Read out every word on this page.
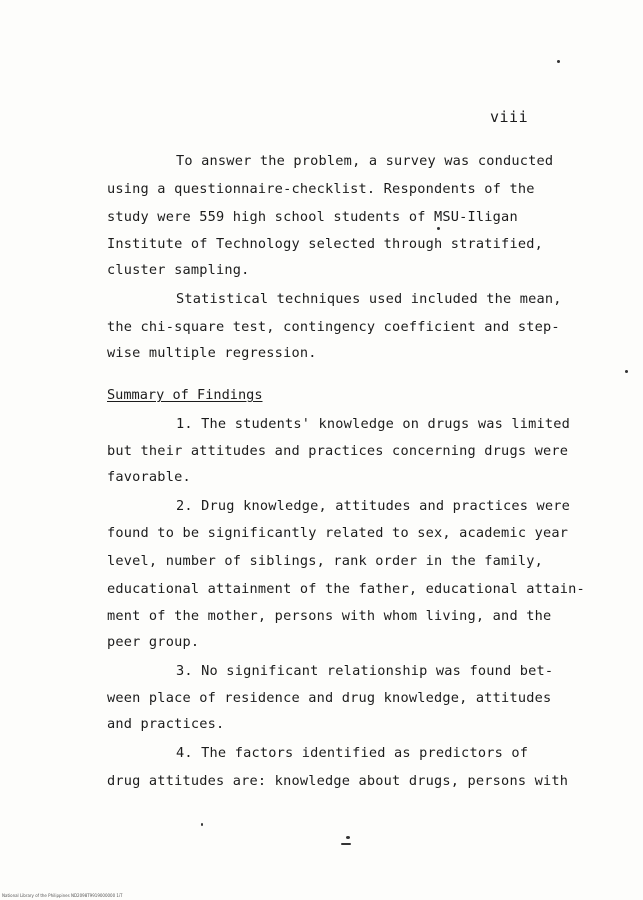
viii
To answer the problem, a survey was conducted
using a questionnaire-checklist. Respondents of the
study were 559 high school students of MSU-Iligan
Institute of Technology selected through stratified,
cluster sampling.
Statistical techniques used included the mean,
the chi-square test, contingency coefficient and step-
wise multiple regression.
Summary of Findings
1. The students' knowledge on drugs was limited
but their attitudes and practices concerning drugs were
favorable.
2. Drug knowledge, attitudes and practices were
found to be significantly related to sex, academic year
level, number of siblings, rank order in the family,
educational attainment of the father, educational attain-
ment of the mother, persons with whom living, and the
peer group.
3. No significant relationship was found bet-
ween place of residence and drug knowledge, attitudes
and practices.
4. The factors identified as predictors of
drug attitudes are: knowledge about drugs, persons with
National Library of the Philippines ND2098T9919000000 1iT
